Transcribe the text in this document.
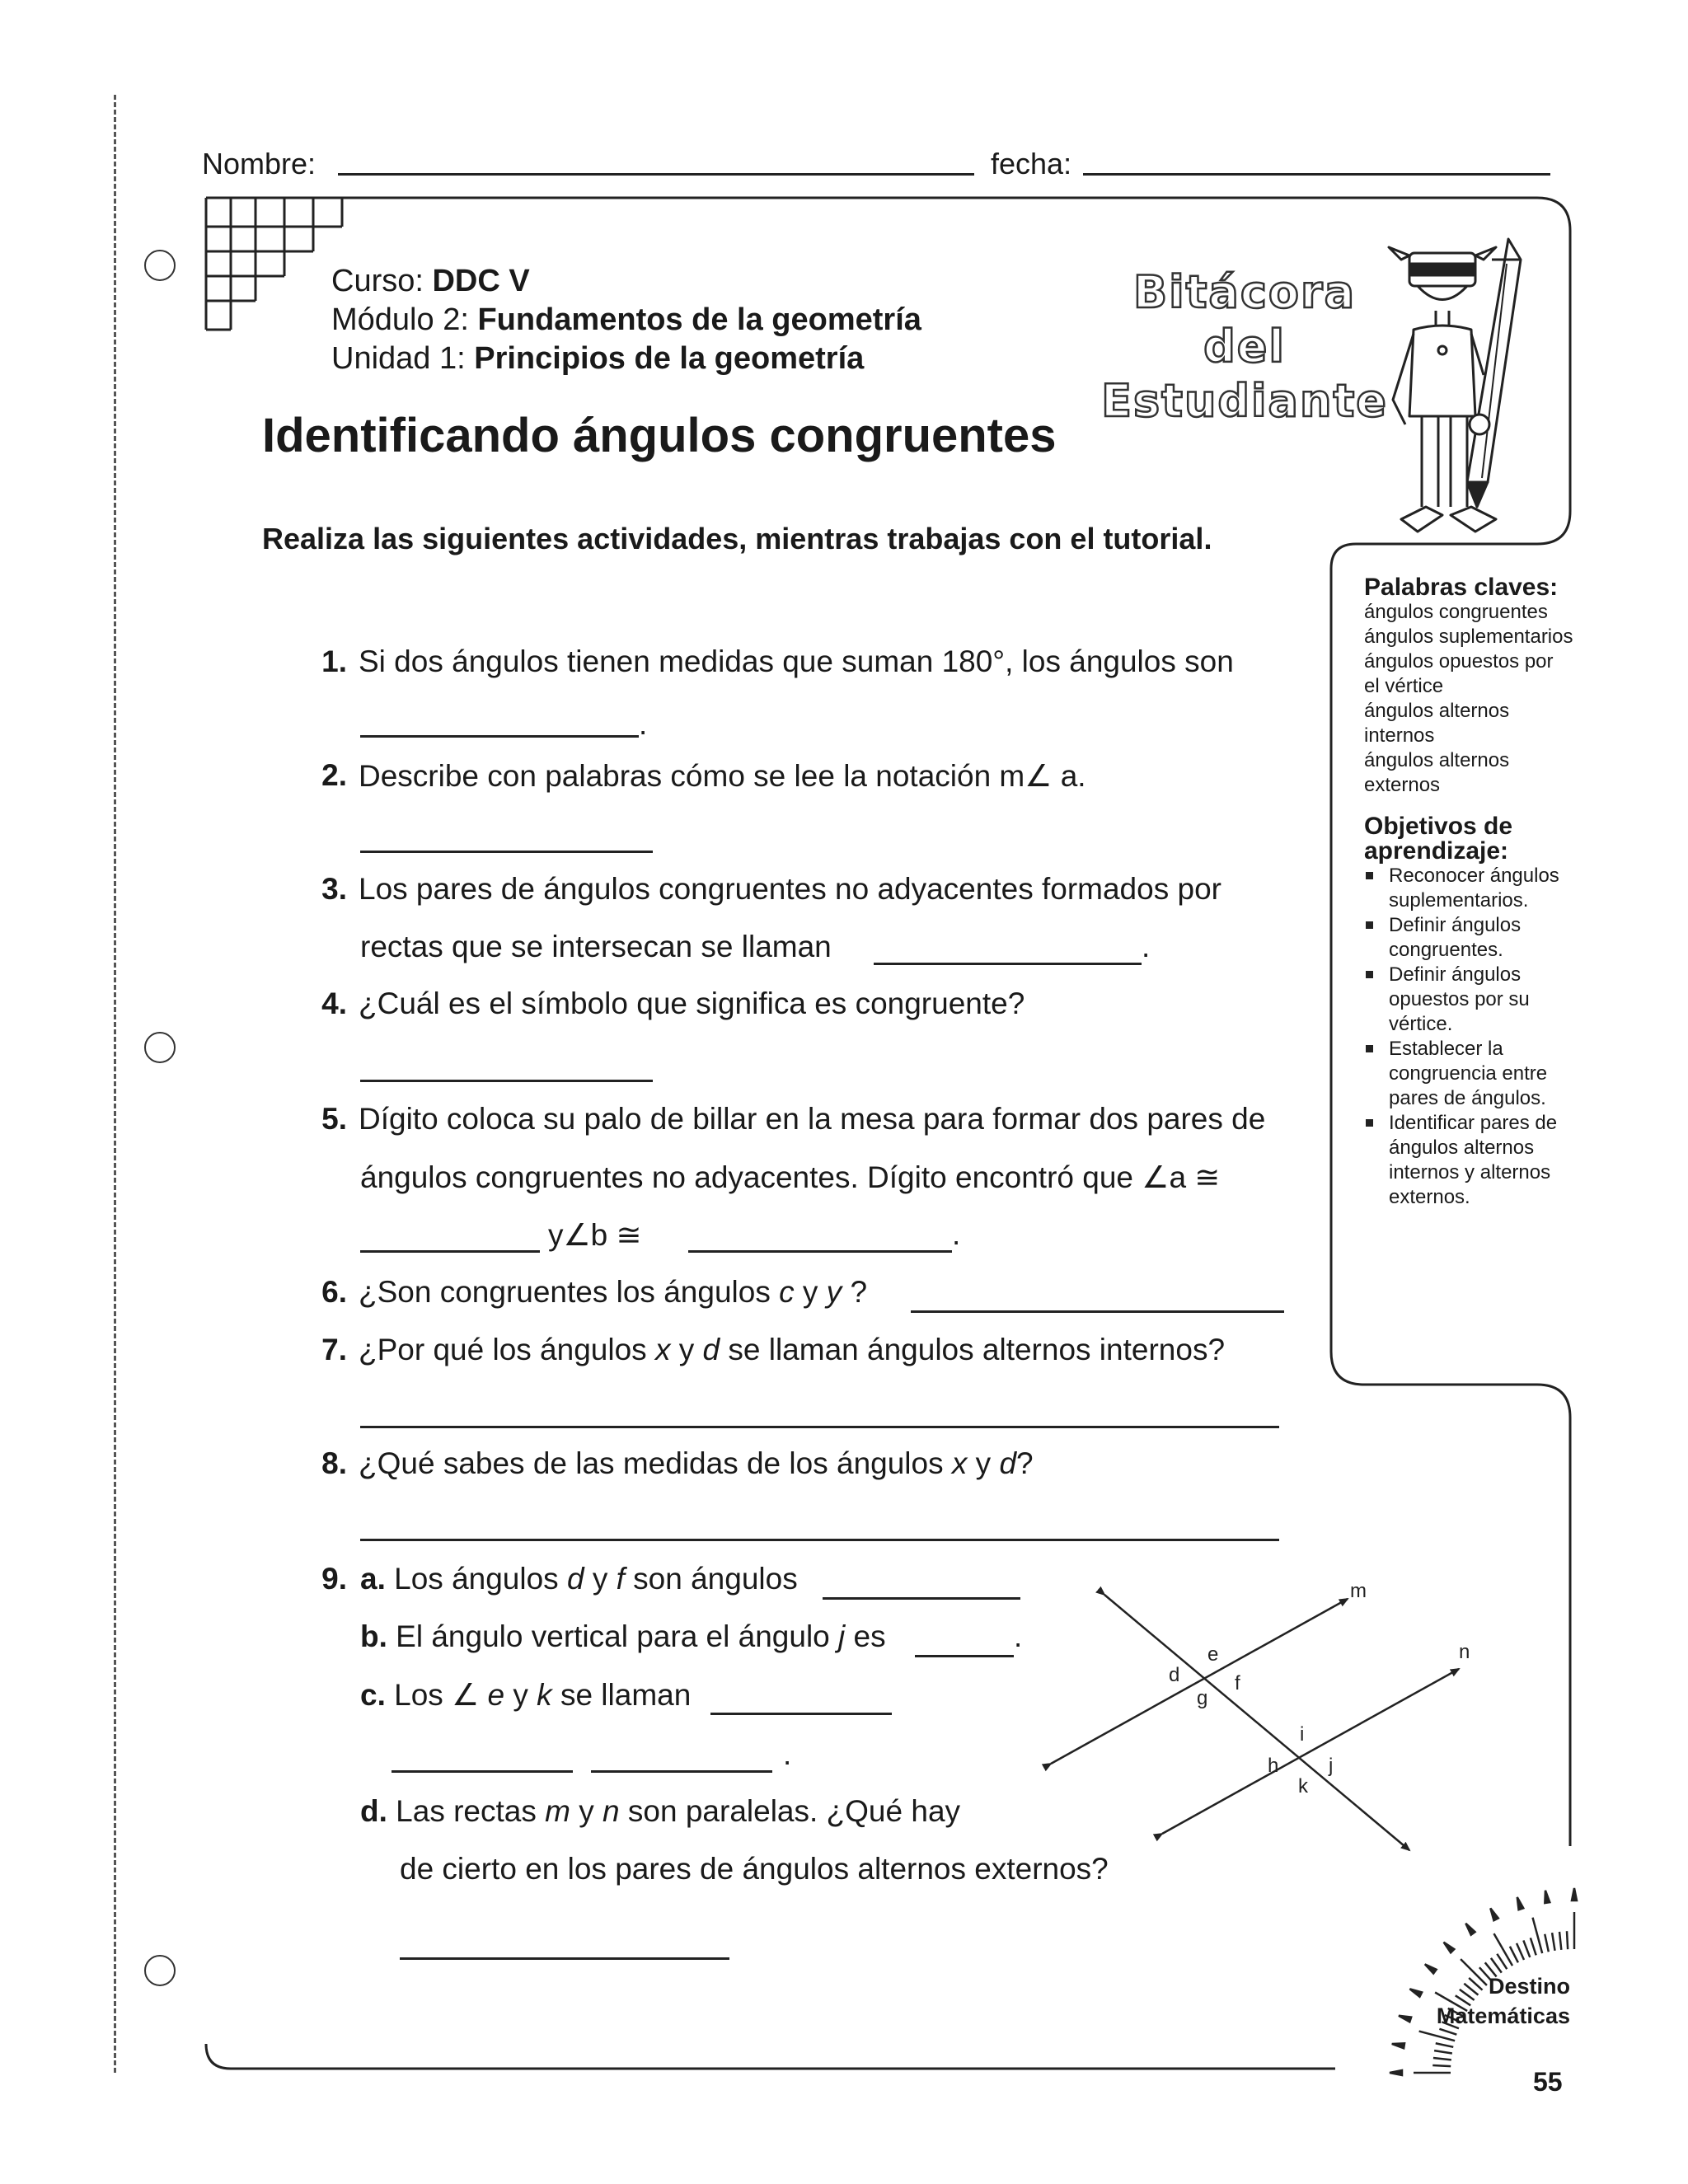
Nombre:	fecha:
Curso: DDC V
Módulo 2: Fundamentos de la geometría
Unidad 1: Principios de la geometría
Bitácora del
Estudiante
Identificando ángulos congruentes
Realiza las siguientes actividades, mientras trabajas con el tutorial.
1. Si dos ángulos tienen medidas que suman 180°, los ángulos son
.
2. Describe con palabras cómo se lee la notación m∠ a.
3. Los pares de ángulos congruentes no adyacentes formados por
rectas que se intersecan se llaman	.
4. ¿Cuál es el símbolo que significa es congruente?
5. Dígito coloca su palo de billar en la mesa para formar dos pares de
ángulos congruentes no adyacentes. Dígito encontró que ∠a ≅
y∠b ≅	.
6. ¿Son congruentes los ángulos c y y ?
7. ¿Por qué los ángulos x y d se llaman ángulos alternos internos?
8. ¿Qué sabes de las medidas de los ángulos x y d?
9. a. Los ángulos d y f son ángulos
b. El ángulo vertical para el ángulo j es	.
c. Los ∠ e y k se llaman
.
d. Las rectas m y n son paralelas. ¿Qué hay
de cierto en los pares de ángulos alternos externos?
m
n
d
e
f
g
h
i
j
k
Palabras claves:
ángulos congruentes
ángulos suplementarios
ángulos opuestos por
el vértice
ángulos alternos
internos
ángulos alternos
externos
Objetivos de
aprendizaje:
Reconocer ángulos
suplementarios.
Definir ángulos
congruentes.
Definir ángulos
opuestos por su
vértice.
Establecer la
congruencia entre
pares de ángulos.
Identificar pares de
ángulos alternos
internos y alternos
externos.
Destino
Matemáticas
55
